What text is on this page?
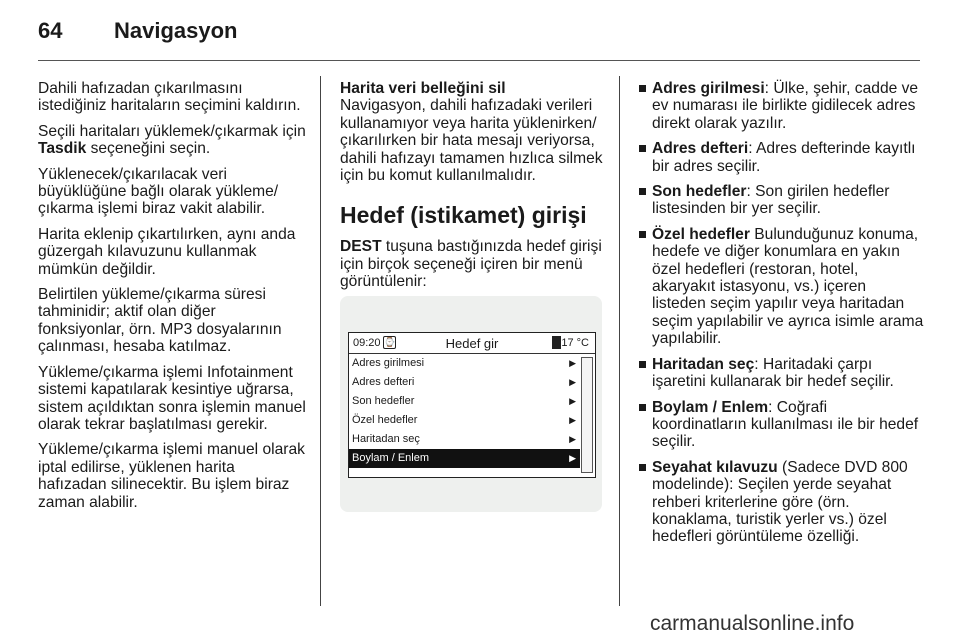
64 Navigasyon

Dahili hafızadan çıkarılmasını istediğiniz haritaların seçimini kaldırın.

Seçili haritaları yüklemek/çıkarmak için Tasdik seçeneğini seçin.

Yüklenecek/çıkarılacak veri büyüklüğüne bağlı olarak yükleme/ çıkarma işlemi biraz vakit alabilir.

Harita eklenip çıkartılırken, aynı anda güzergah kılavuzunu kullanmak mümkün değildir.

Belirtilen yükleme/çıkarma süresi tahminidir; aktif olan diğer fonksiyonlar, örn. MP3 dosyalarının çalınması, hesaba katılmaz.

Yükleme/çıkarma işlemi Infotainment sistemi kapatılarak kesintiye uğrarsa, sistem açıldıktan sonra işlemin manuel olarak tekrar başlatılması gerekir.

Yükleme/çıkarma işlemi manuel olarak iptal edilirse, yüklenen harita hafızadan silinecektir. Bu işlem biraz zaman alabilir.

Harita veri belleğini sil

Navigasyon, dahili hafızadaki verileri kullanamıyor veya harita yüklenirken/ çıkarılırken bir hata mesajı veriyorsa, dahili hafızayı tamamen hızlıca silmek için bu komut kullanılmalıdır.

Hedef (istikamet) girişi

DEST tuşuna bastığınızda hedef girişi için birçok seçeneği içiren bir menü görüntülenir:

09:20 ⌚	Hedef gir	17 °C
Adres girilmesi	▶
Adres defteri	▶
Son hedefler	▶
Özel hedefler	▶
Haritadan seç	▶
Boylam / Enlem	▶
Adres girilmesi: Ülke, şehir, cadde ve ev numarası ile birlikte gidilecek adres direkt olarak yazılır.
Adres defteri: Adres defterinde kayıtlı bir adres seçilir.
Son hedefler: Son girilen hedefler listesinden bir yer seçilir.
Özel hedefler Bulunduğunuz konuma, hedefe ve diğer konumlara en yakın özel hedefleri (restoran, hotel, akaryakıt istasyonu, vs.) içeren listeden seçim yapılır veya haritadan seçim yapılabilir ve ayrıca isimle arama yapılabilir.
Haritadan seç: Haritadaki çarpı işaretini kullanarak bir hedef seçilir.
Boylam / Enlem: Coğrafi koordinatların kullanılması ile bir hedef seçilir.
Seyahat kılavuzu (Sadece DVD 800 modelinde): Seçilen yerde seyahat rehberi kriterlerine göre (örn. konaklama, turistik yerler vs.) özel hedefleri görüntüleme özelliği.
carmanualsonline.info
